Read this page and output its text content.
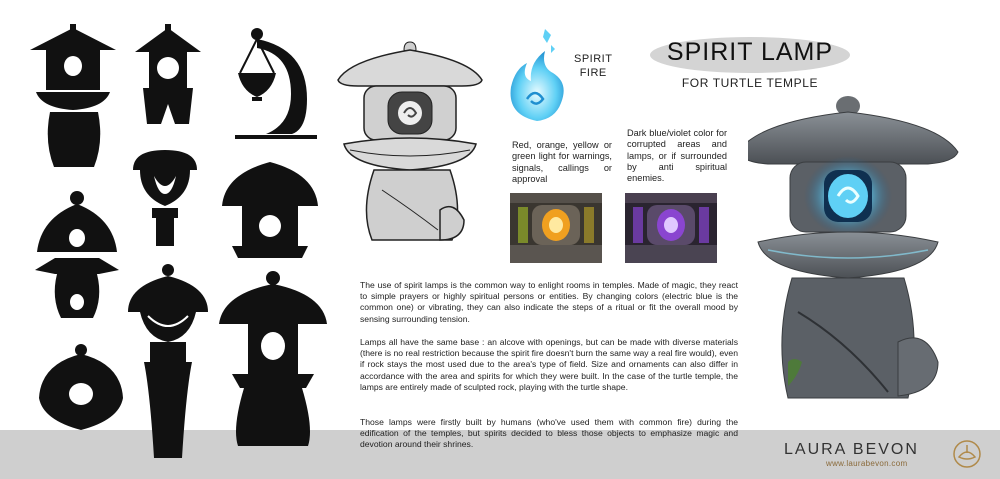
SPIRIT
FIRE
SPIRIT LAMP
FOR TURTLE TEMPLE
Red, orange, yellow or green light for warnings, signals, callings or approval
Dark blue/violet color for corrupted areas and lamps, or if surrounded by anti spiritual enemies.
The use of spirit lamps is the common way to enlight rooms in temples. Made of magic, they react to simple prayers or highly spiritual persons or entities. By changing colors (electric blue is the common one) or vibrating, they can also indicate the steps of a ritual or fit the overall mood by sensing surrounding tension.
Lamps all have the same base : an alcove with openings, but can be made with diverse materials (there is no real restriction because the spirit fire doesn't burn the same way a real fire would), even if rock stays the most used due to the area's type of field. Size and ornaments can also differ in accordance with the area and spirits for which they were built. In the case of the turtle temple, the lamps are entirely made of sculpted rock, playing with the turtle shape.
Those lamps were firstly built by humans (who've used them with common fire) during the edification of the temples, but spirits decided to bless those objects to emphasize magic and devotion around their shrines.	LAURA BEVON
www.laurabevon.com
